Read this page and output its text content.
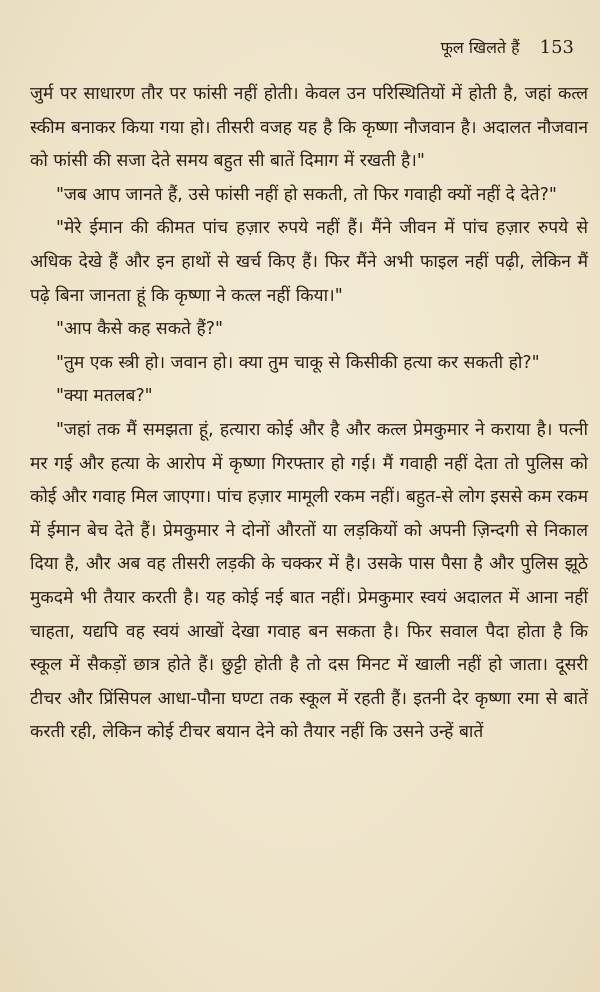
फूल खिलते हैं 153

जुर्म पर साधारण तौर पर फांसी नहीं होती। केवल उन परिस्थितियों में होती है, जहां कत्ल स्कीम बनाकर किया गया हो। तीसरी वजह यह है कि कृष्णा नौजवान है। अदालत नौजवान को फांसी की सजा देते समय बहुत सी बातें दिमाग में रखती है।"

"जब आप जानते हैं, उसे फांसी नहीं हो सकती, तो फिर गवाही क्यों नहीं दे देते?"

"मेरे ईमान की कीमत पांच हज़ार रुपये नहीं हैं। मैंने जीवन में पांच हज़ार रुपये से अधिक देखे हैं और इन हाथों से खर्च किए हैं। फिर मैंने अभी फाइल नहीं पढ़ी, लेकिन मैं पढ़े बिना जानता हूं कि कृष्णा ने कत्ल नहीं किया।"

"आप कैसे कह सकते हैं?"

"तुम एक स्त्री हो। जवान हो। क्या तुम चाकू से किसीकी हत्या कर सकती हो?"

"क्या मतलब?"

"जहां तक मैं समझता हूं, हत्यारा कोई और है और कत्ल प्रेमकुमार ने कराया है। पत्नी मर गई और हत्या के आरोप में कृष्णा गिरफ्तार हो गई। मैं गवाही नहीं देता तो पुलिस को कोई और गवाह मिल जाएगा। पांच हज़ार मामूली रकम नहीं। बहुत-से लोग इससे कम रकम में ईमान बेच देते हैं। प्रेमकुमार ने दोनों औरतों या लड़कियों को अपनी ज़िन्दगी से निकाल दिया है, और अब वह तीसरी लड़की के चक्कर में है। उसके पास पैसा है और पुलिस झूठे मुकदमे भी तैयार करती है। यह कोई नई बात नहीं। प्रेमकुमार स्वयं अदालत में आना नहीं चाहता, यद्यपि वह स्वयं आखों देखा गवाह बन सकता है। फिर सवाल पैदा होता है कि स्कूल में सैकड़ों छात्र होते हैं। छुट्टी होती है तो दस मिनट में खाली नहीं हो जाता। दूसरी टीचर और प्रिंसिपल आधा-पौना घण्टा तक स्कूल में रहती हैं। इतनी देर कृष्णा रमा से बातें करती रही, लेकिन कोई टीचर बयान देने को तैयार नहीं कि उसने उन्हें बातें
